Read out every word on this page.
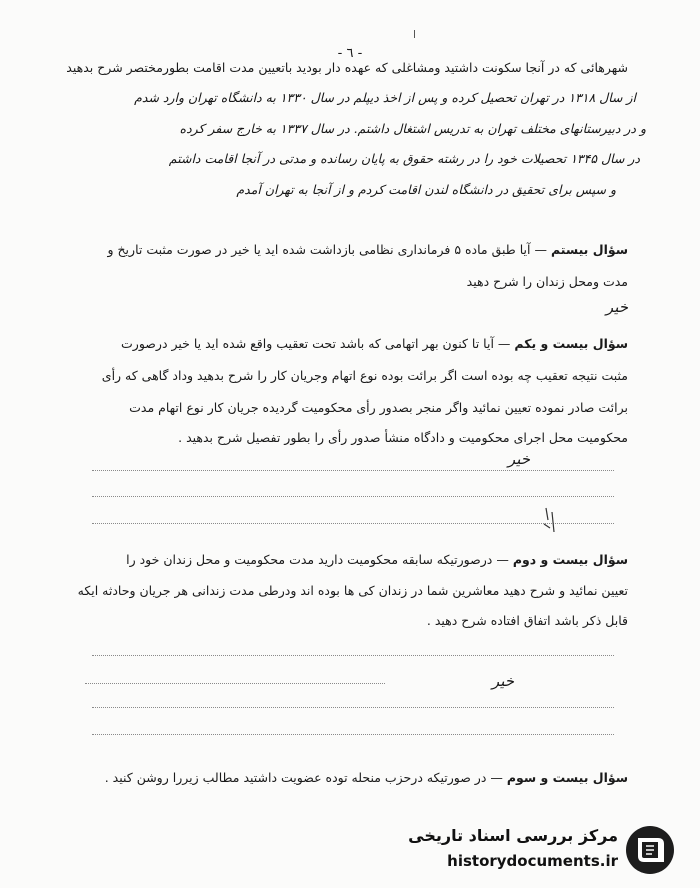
- ٦ -
شهرهائی که در آنجا سکونت داشتید ومشاغلی که عهده دار بودید باتعیین مدت اقامت بطورمختصر شرح بدهید
از سال ۱۳۱۸ در تهران تحصیل کرده و پس از اخذ دیپلم در سال ۱۳۳۰ به دانشگاه تهران وارد شدم
و در دبیرستانهای مختلف تهران به تدریس اشتغال داشتم. در سال ۱۳۳۷ به خارج سفر کرده
در سال ۱۳۴۵ تحصیلات خود را در رشته حقوق به پایان رسانده و مدتی در آنجا اقامت داشتم
و سپس برای تحقیق در دانشگاه لندن اقامت کردم و از آنجا به تهران آمدم
سؤال بیستم — آیا طبق ماده ۵ فرمانداری نظامی بازداشت شده اید یا خیر در صورت مثبت تاریخ و
مدت ومحل زندان را شرح دهید
خیر
سؤال بیست و یکم — آیا تا کنون بهر اتهامی که باشد تحت تعقیب واقع شده اید یا خیر درصورت
مثبت نتیجه تعقیب چه بوده است اگر برائت بوده نوع اتهام وجریان کار را شرح بدهید وداد گاهی که رأی
برائت صادر نموده تعیین نمائید واگر منجر بصدور رأی محکومیت گردیده جریان کار نوع اتهام مدت
محکومیت محل اجرای محکومیت و دادگاه منشأ صدور رأی را بطور تفصیل شرح بدهید .
خیر
سؤال بیست و دوم — درصورتیکه سابقه محکومیت دارید مدت محکومیت و محل زندان خود را
تعیین نمائید و شرح دهید معاشرین شما در زندان کی ها بوده اند ودرطی مدت زندانی هر جریان وحادثه ایکه
قابل ذکر باشد اتفاق افتاده شرح دهید .
خیر
سؤال بیست و سوم — در صورتیکه درحزب منحله توده عضویت داشتید مطالب زیررا روشن کنید .
مرکز بررسی اسناد تاریخی
historydocuments.ir
